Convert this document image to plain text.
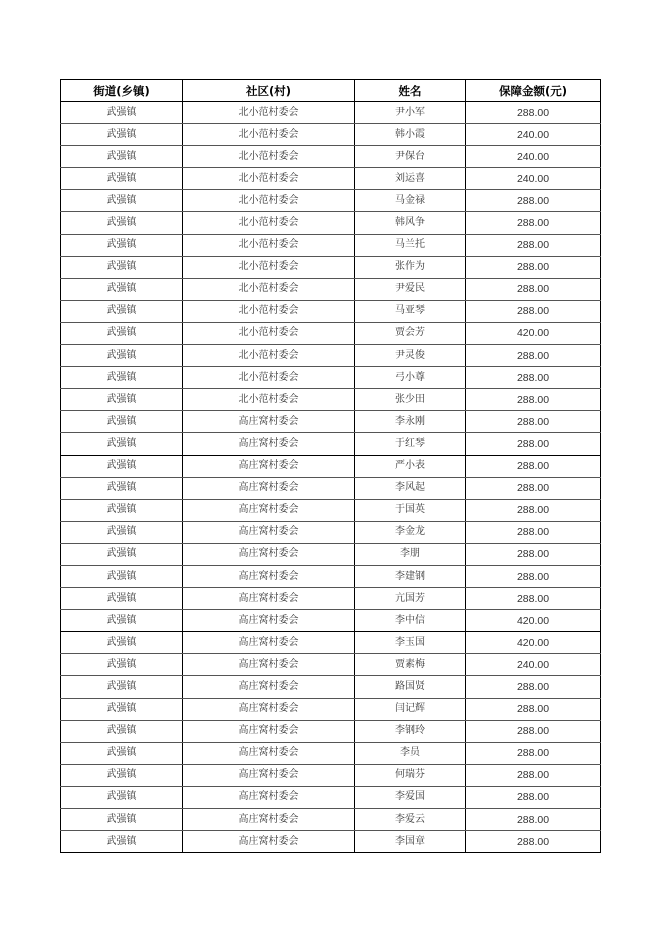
街道(乡镇)	社区(村)	姓名	保障金额(元)
武强镇	北小范村委会	尹小军	288.00
武强镇	北小范村委会	韩小霞	240.00
武强镇	北小范村委会	尹保台	240.00
武强镇	北小范村委会	刘运喜	240.00
武强镇	北小范村委会	马金禄	288.00
武强镇	北小范村委会	韩风争	288.00
武强镇	北小范村委会	马兰托	288.00
武强镇	北小范村委会	张作为	288.00
武强镇	北小范村委会	尹爱民	288.00
武强镇	北小范村委会	马亚琴	288.00
武强镇	北小范村委会	贾会芳	420.00
武强镇	北小范村委会	尹灵俊	288.00
武强镇	北小范村委会	弓小尊	288.00
武强镇	北小范村委会	张少田	288.00
武强镇	高庄窝村委会	李永刚	288.00
武强镇	高庄窝村委会	于红琴	288.00
武强镇	高庄窝村委会	严小表	288.00
武强镇	高庄窝村委会	李风起	288.00
武强镇	高庄窝村委会	于国英	288.00
武强镇	高庄窝村委会	李金龙	288.00
武强镇	高庄窝村委会	李朋	288.00
武强镇	高庄窝村委会	李建钢	288.00
武强镇	高庄窝村委会	亢国芳	288.00
武强镇	高庄窝村委会	李中信	420.00
武强镇	高庄窝村委会	李玉国	420.00
武强镇	高庄窝村委会	贾素梅	240.00
武强镇	高庄窝村委会	路国贤	288.00
武强镇	高庄窝村委会	闫记辉	288.00
武强镇	高庄窝村委会	李钢玲	288.00
武强镇	高庄窝村委会	李员	288.00
武强镇	高庄窝村委会	何瑞芬	288.00
武强镇	高庄窝村委会	李爱国	288.00
武强镇	高庄窝村委会	李爱云	288.00
武强镇	高庄窝村委会	李国章	288.00
